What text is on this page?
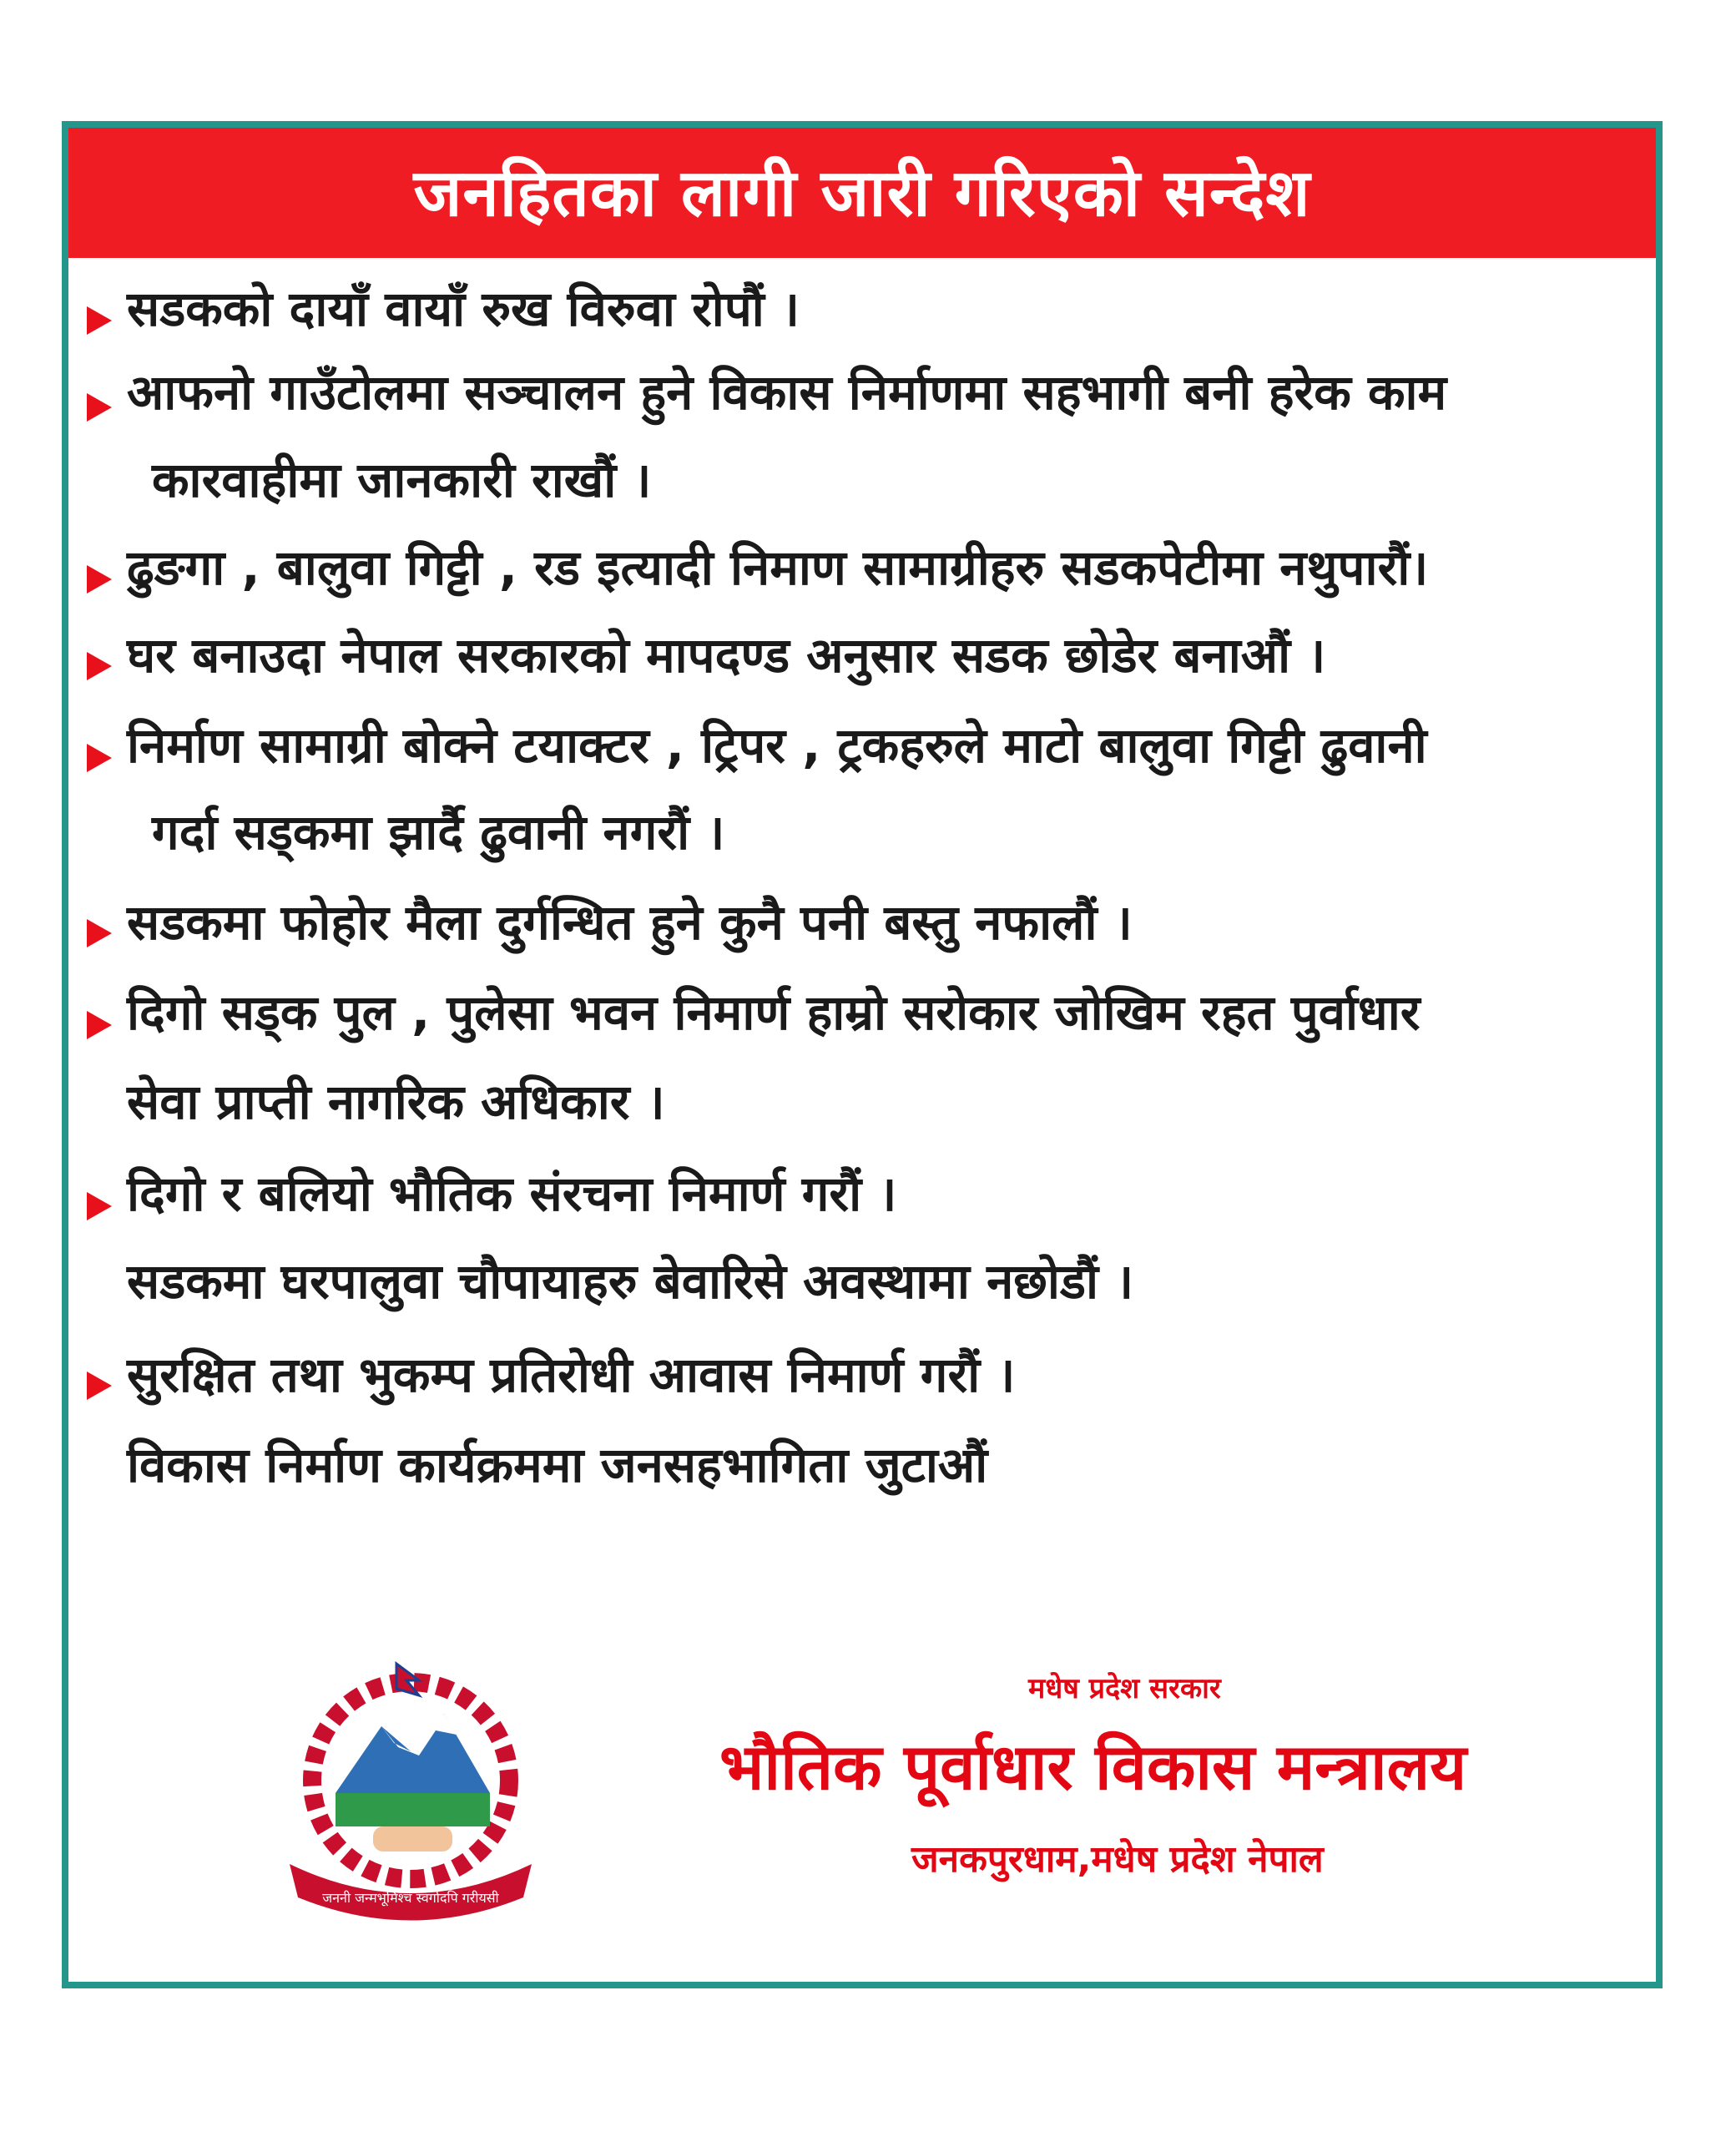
जनहितका लागी जारी गरिएको सन्देश
सडकको दायाँ वायाँ रुख विरुवा रोपौं ।
आफनो गाउँटोलमा सञ्चालन हुने विकास निर्माणमा सहभागी बनी हरेक काम
कारवाहीमा जानकारी राखौं ।
ढुङगा , बालुवा गिट्टी , रड इत्यादी निमाण सामाग्रीहरु सडकपेटीमा नथुपारौं।
घर बनाउदा नेपाल सरकारको मापदण्ड अनुसार सडक छोडेर बनाऔं ।
निर्माण सामाग्री बोक्ने टयाक्टर , ट्रिपर , ट्रकहरुले माटो बालुवा गिट्टी ढुवानी
गर्दा सड्कमा झार्दै ढुवानी नगरौं ।
सडकमा फोहोर मैला दुर्गन्धित हुने कुनै पनी बस्तु नफालौं ।
दिगो सड्क पुल , पुलेसा भवन निमार्ण हाम्रो सरोकार जोखिम रहत पुर्वाधार
सेवा प्राप्ती नागरिक अधिकार ।
दिगो र बलियो भौतिक संरचना निमार्ण गरौं ।
सडकमा घरपालुवा चौपायाहरु बेवारिसे अवस्थामा नछोडौं ।
सुरक्षित तथा भुकम्प प्रतिरोधी आवास निमार्ण गरौं ।
विकास निर्माण कार्यक्रममा जनसहभागिता जुटाऔं
जननी जन्मभूमिश्च स्वर्गादपि गरीयसी
मधेष प्रदेश सरकार
भौतिक पूर्वाधार विकास मन्त्रालय
जनकपुरधाम,मधेष प्रदेश नेपाल
